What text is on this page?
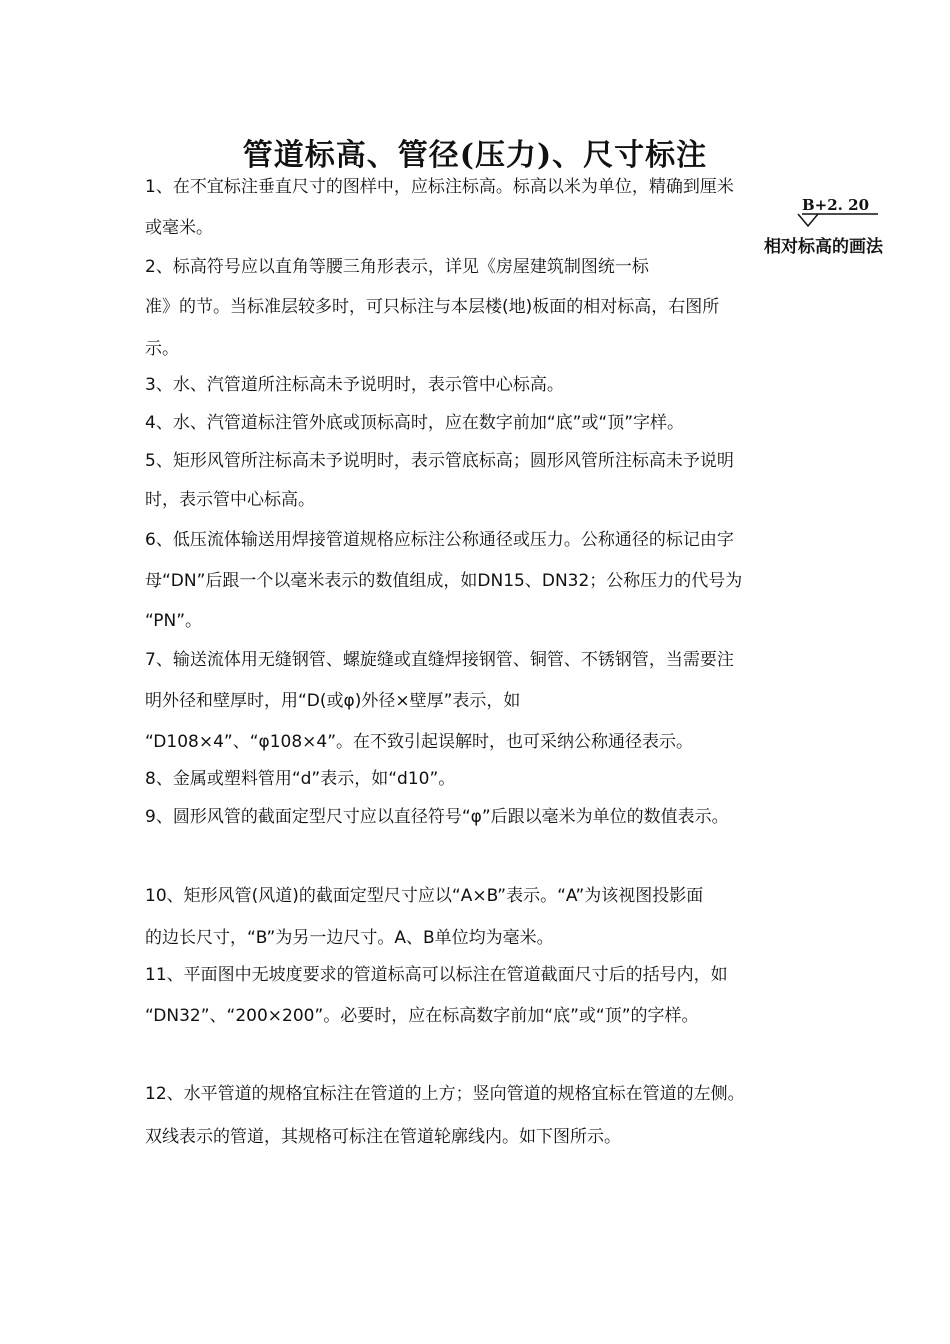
管道标高、管径(压力)、尺寸标注
B+2. 20
相对标高的画法
1、在不宜标注垂直尺寸的图样中，应标注标高。标高以米为单位，精确到厘米
或毫米。
2、标高符号应以直角等腰三角形表示，详见《房屋建筑制图统一标
准》的节。当标准层较多时，可只标注与本层楼(地)板面的相对标高，右图所
示。
3、水、汽管道所注标高未予说明时，表示管中心标高。
4、水、汽管道标注管外底或顶标高时，应在数字前加“底”或“顶”字样。
5、矩形风管所注标高未予说明时，表示管底标高；圆形风管所注标高未予说明
时，表示管中心标高。
6、低压流体输送用焊接管道规格应标注公称通径或压力。公称通径的标记由字
母“DN”后跟一个以毫米表示的数值组成，如DN15、DN32；公称压力的代号为
“PN”。
7、输送流体用无缝钢管、螺旋缝或直缝焊接钢管、铜管、不锈钢管，当需要注
明外径和壁厚时，用“D(或φ)外径×壁厚”表示，如
“D108×4”、“φ108×4”。在不致引起误解时，也可采纳公称通径表示。
8、金属或塑料管用“d”表示，如“d10”。
9、圆形风管的截面定型尺寸应以直径符号“φ”后跟以毫米为单位的数值表示。
10、矩形风管(风道)的截面定型尺寸应以“A×B”表示。“A”为该视图投影面
的边长尺寸，“B”为另一边尺寸。A、B单位均为毫米。
11、平面图中无坡度要求的管道标高可以标注在管道截面尺寸后的括号内，如
“DN32”、“200×200”。必要时，应在标高数字前加“底”或“顶”的字样。
12、水平管道的规格宜标注在管道的上方；竖向管道的规格宜标在管道的左侧。
双线表示的管道，其规格可标注在管道轮廓线内。如下图所示。
